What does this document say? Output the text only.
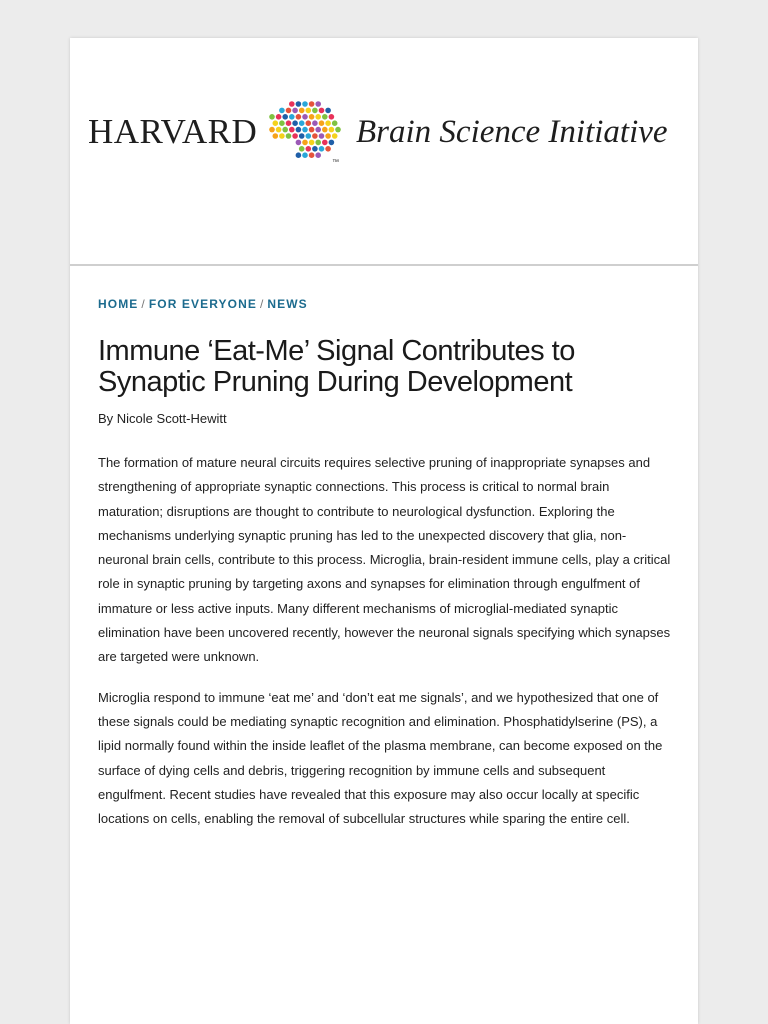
HARVARD
™
Brain Science Initiative
HOME / FOR EVERYONE / NEWS
Immune ‘Eat-Me’ Signal Contributes to Synaptic Pruning During Development

By Nicole Scott-Hewitt

The formation of mature neural circuits requires selective pruning of inappropriate synapses and strengthening of appropriate synaptic connections. This process is critical to normal brain maturation; disruptions are thought to contribute to neurological dysfunction. Exploring the mechanisms underlying synaptic pruning has led to the unexpected discovery that glia, non-neuronal brain cells, contribute to this process. Microglia, brain-resident immune cells, play a critical role in synaptic pruning by targeting axons and synapses for elimination through engulfment of immature or less active inputs. Many different mechanisms of microglial-mediated synaptic elimination have been uncovered recently, however the neuronal signals specifying which synapses are targeted were unknown.

Microglia respond to immune ‘eat me’ and ‘don’t eat me signals’, and we hypothesized that one of these signals could be mediating synaptic recognition and elimination. Phosphatidylserine (PS), a lipid normally found within the inside leaflet of the plasma membrane, can become exposed on the surface of dying cells and debris, triggering recognition by immune cells and subsequent engulfment. Recent studies have revealed that this exposure may also occur locally at specific locations on cells, enabling the removal of subcellular structures while sparing the entire cell.
